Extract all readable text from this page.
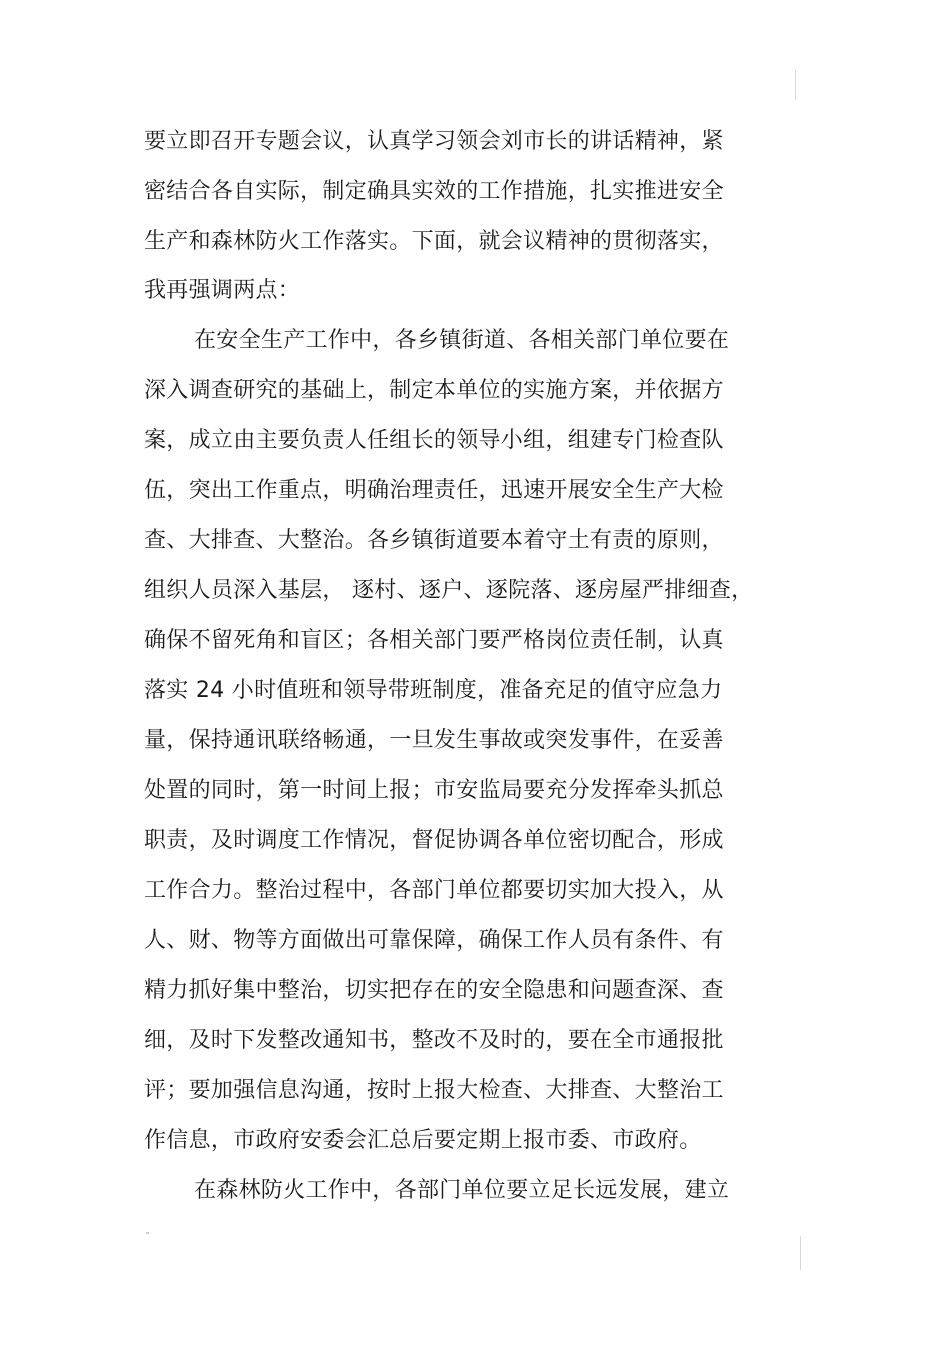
要立即召开专题会议，认真学习领会刘市长的讲话精神，紧
密结合各自实际，制定确具实效的工作措施，扎实推进安全
生产和森林防火工作落实。下面，就会议精神的贯彻落实，
我再强调两点：
在安全生产工作中，各乡镇街道、各相关部门单位要在
深入调查研究的基础上，制定本单位的实施方案，并依据方
案，成立由主要负责人任组长的领导小组，组建专门检查队
伍，突出工作重点，明确治理责任，迅速开展安全生产大检
查、大排查、大整治。各乡镇街道要本着守土有责的原则，
组织人员深入基层， 逐村、逐户、逐院落、逐房屋严排细查，
确保不留死角和盲区；各相关部门要严格岗位责任制，认真
落实 24 小时值班和领导带班制度，准备充足的值守应急力
量，保持通讯联络畅通，一旦发生事故或突发事件，在妥善
处置的同时，第一时间上报；市安监局要充分发挥牵头抓总
职责，及时调度工作情况，督促协调各单位密切配合，形成
工作合力。整治过程中，各部门单位都要切实加大投入，从
人、财、物等方面做出可靠保障，确保工作人员有条件、有
精力抓好集中整治，切实把存在的安全隐患和问题查深、查
细，及时下发整改通知书，整改不及时的，要在全市通报批
评；要加强信息沟通，按时上报大检查、大排查、大整治工
作信息，市政府安委会汇总后要定期上报市委、市政府。
在森林防火工作中，各部门单位要立足长远发展，建立
